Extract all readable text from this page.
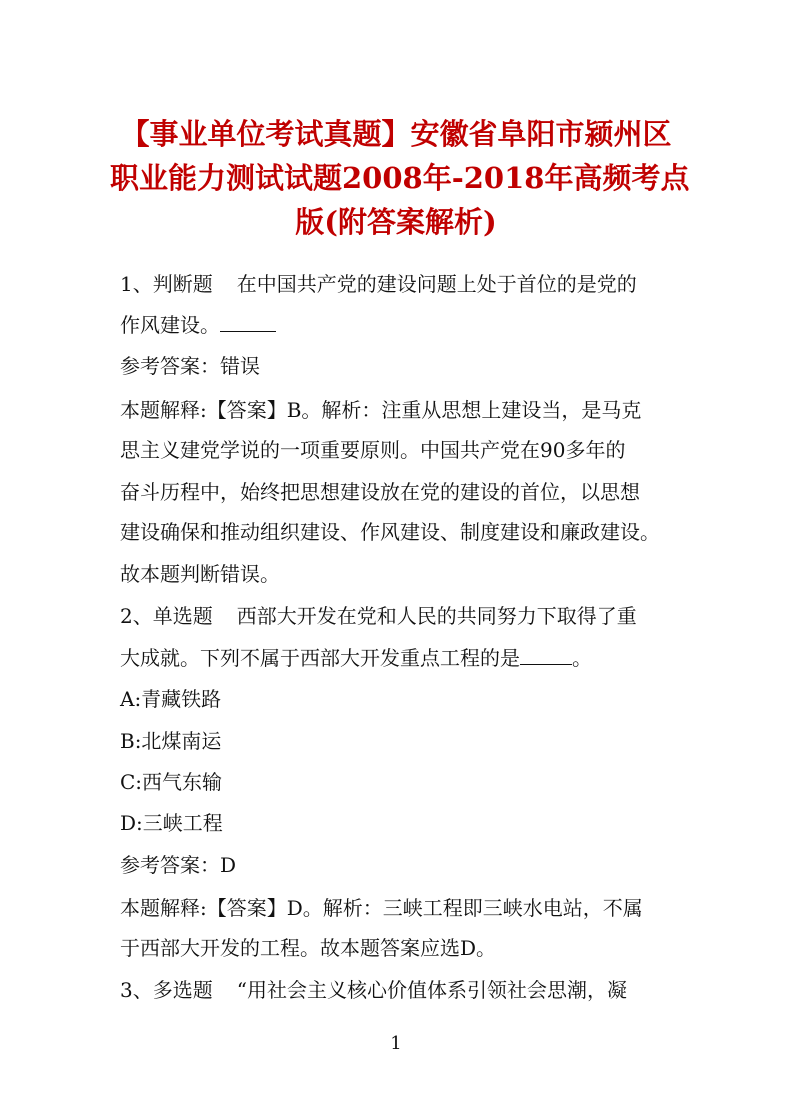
【事业单位考试真题】安徽省阜阳市颍州区
职业能力测试试题2008年-2018年高频考点
版(附答案解析)

1、判断题 在中国共产党的建设问题上处于首位的是党的

作风建设。

参考答案：错误

本题解释:【答案】B。解析：注重从思想上建设当，是马克

思主义建党学说的一项重要原则。中国共产党在90多年的

奋斗历程中，始终把思想建设放在党的建设的首位，以思想

建设确保和推动组织建设、作风建设、制度建设和廉政建设。

故本题判断错误。

2、单选题 西部大开发在党和人民的共同努力下取得了重

大成就。下列不属于西部大开发重点工程的是	。

A:青藏铁路

B:北煤南运

C:西气东输

D:三峡工程

参考答案：D

本题解释:【答案】D。解析：三峡工程即三峡水电站，不属

于西部大开发的工程。故本题答案应选D。

3、多选题 “用社会主义核心价值体系引领社会思潮，凝

1
